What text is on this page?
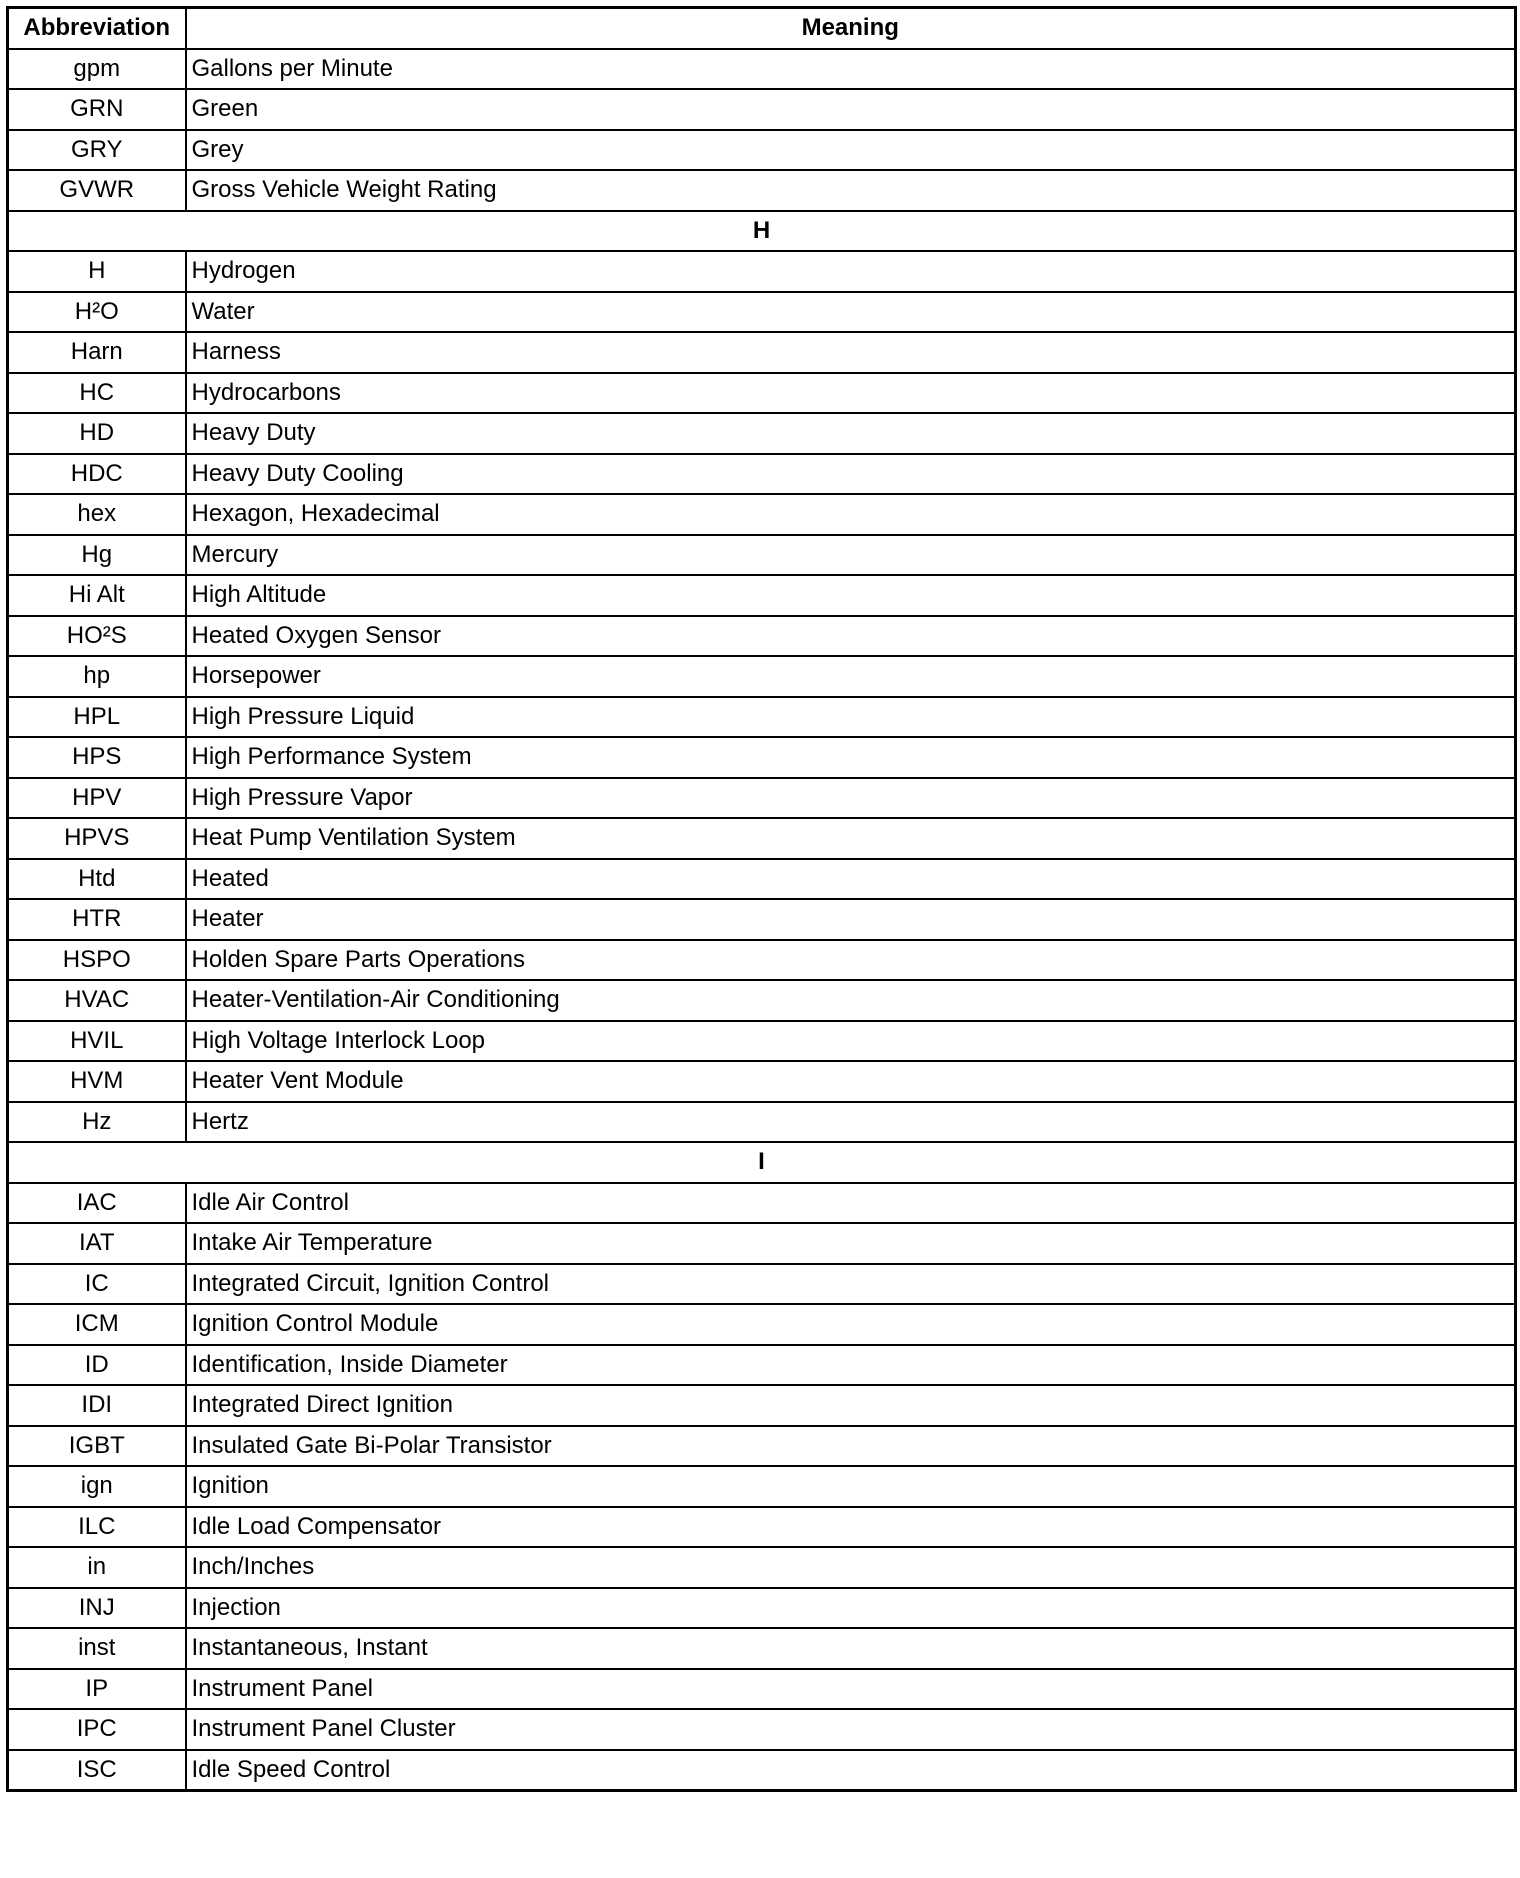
Abbreviation	Meaning
gpm	Gallons per Minute
GRN	Green
GRY	Grey
GVWR	Gross Vehicle Weight Rating
H	
H	Hydrogen
H²O	Water
Harn	Harness
HC	Hydrocarbons
HD	Heavy Duty
HDC	Heavy Duty Cooling
hex	Hexagon, Hexadecimal
Hg	Mercury
Hi Alt	High Altitude
HO²S	Heated Oxygen Sensor
hp	Horsepower
HPL	High Pressure Liquid
HPS	High Performance System
HPV	High Pressure Vapor
HPVS	Heat Pump Ventilation System
Htd	Heated
HTR	Heater
HSPO	Holden Spare Parts Operations
HVAC	Heater-Ventilation-Air Conditioning
HVIL	High Voltage Interlock Loop
HVM	Heater Vent Module
Hz	Hertz
I	
IAC	Idle Air Control
IAT	Intake Air Temperature
IC	Integrated Circuit, Ignition Control
ICM	Ignition Control Module
ID	Identification, Inside Diameter
IDI	Integrated Direct Ignition
IGBT	Insulated Gate Bi-Polar Transistor
ign	Ignition
ILC	Idle Load Compensator
in	Inch/Inches
INJ	Injection
inst	Instantaneous, Instant
IP	Instrument Panel
IPC	Instrument Panel Cluster
ISC	Idle Speed Control
